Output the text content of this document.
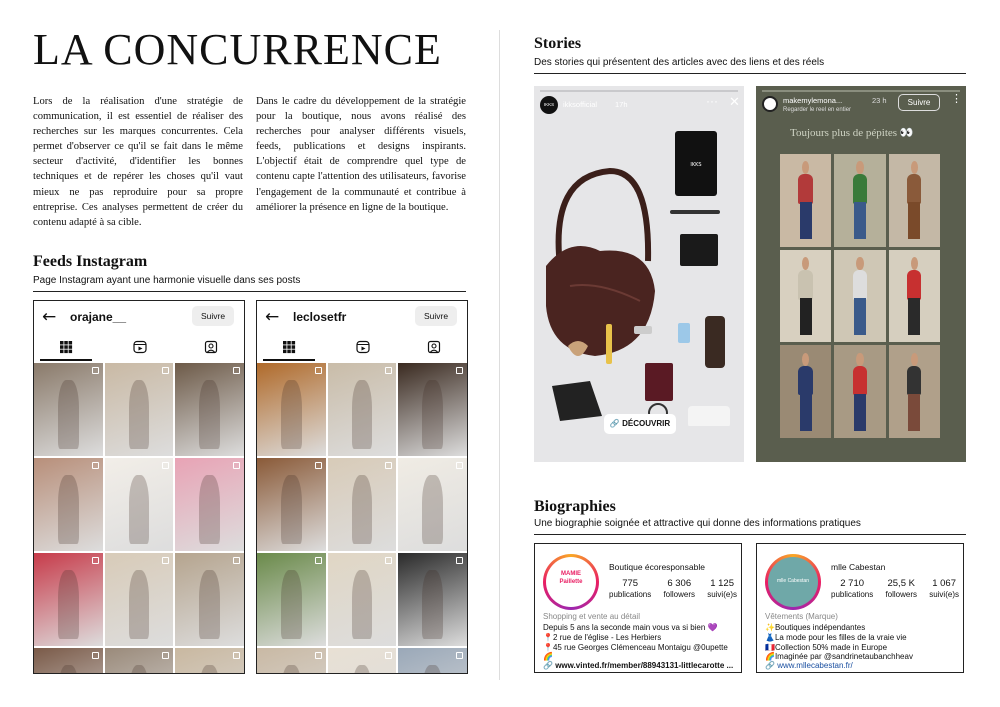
LA CONCURRENCE

Lors de la réalisation d'une stratégie de communication, il est essentiel de réaliser des recherches sur les marques concurrentes. Cela permet d'observer ce qu'il se fait dans le même secteur d'activité, d'identifier les bonnes techniques et de repérer les choses qu'il vaut mieux ne pas reproduire pour sa propre entreprise. Ces analyses permettent de créer du contenu adapté à sa cible.

Dans le cadre du développement de la stratégie pour la boutique, nous avons réalisé des recherches pour analyser différents visuels, feeds, publications et designs inspirants. L'objectif était de comprendre quel type de contenu capte l'attention des utilisateurs, favorise l'engagement de la communauté et contribue à améliorer la présence en ligne de la boutique.

Feeds Instagram
Page Instagram ayant une harmonie visuelle dans ses posts
← orajane__	Suivre	← leclosetfr	Suivre
Stories
Des stories qui présentent des articles avec des liens et des réels
IKKS	ikksofficial 17h	··· ✕
IKKS
🔗 DÉCOUVRIR
makemylemona...	23 h
Regarder le reel en entier
Suivre	⋮
Toujours plus de pépites 👀
Biographies
Une biographie soignée et attractive qui donne des informations pratiques
MAMIE Paillette
Boutique écoresponsable
775
publications
6 306
followers
1 125
suivi(e)s
Shopping et vente au détail
Depuis 5 ans la seconde main vous va si bien 💜
📍2 rue de l'église - Les Herbiers
📍45 rue Georges Clémenceau Montaigu @0upette
🌈
🔗 www.vinted.fr/member/88943131-littlecarotte ...
mlle Cabestan
mlle Cabestan
2 710
publications
25,5 K
followers
1 067
suivi(e)s
Vêtements (Marque)
✨Boutiques indépendantes
👗La mode pour les filles de la vraie vie
🇫🇷Collection 50% made in Europe
🌈Imaginée par @sandrinetaubanchheav
🔗 www.mllecabestan.fr/
